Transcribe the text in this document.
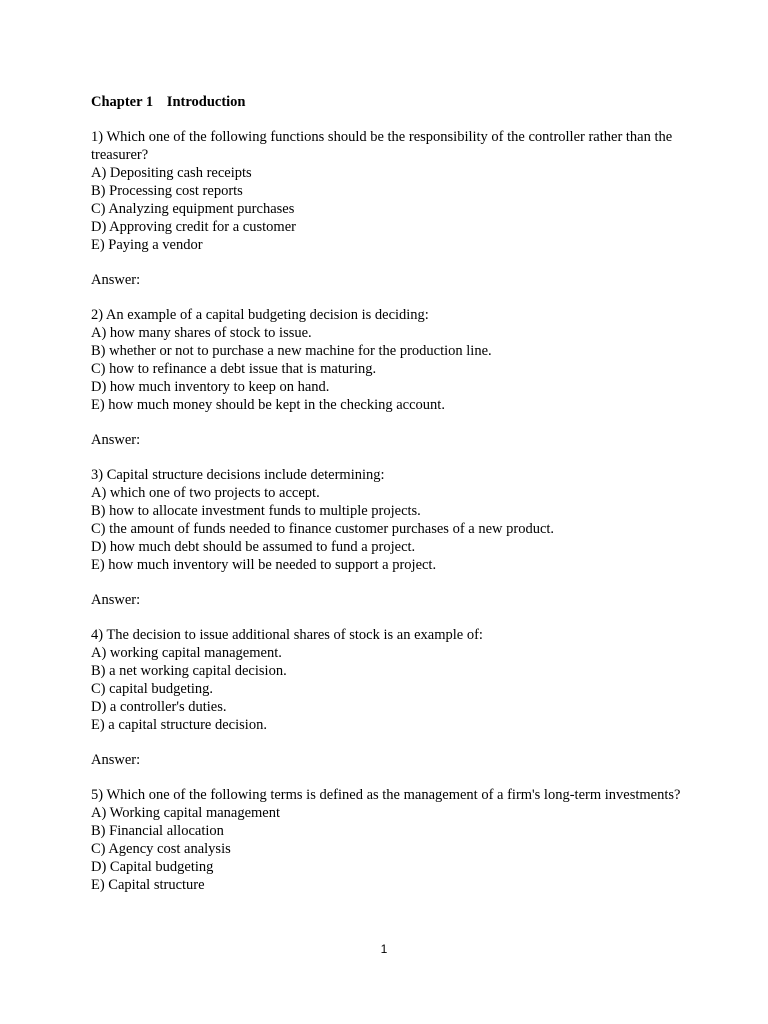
Chapter 1 Introduction

1) Which one of the following functions should be the responsibility of the controller rather than the treasurer?

A) Depositing cash receipts

B) Processing cost reports

C) Analyzing equipment purchases

D) Approving credit for a customer

E) Paying a vendor

Answer:

2) An example of a capital budgeting decision is deciding:

A) how many shares of stock to issue.

B) whether or not to purchase a new machine for the production line.

C) how to refinance a debt issue that is maturing.

D) how much inventory to keep on hand.

E) how much money should be kept in the checking account.

Answer:

3) Capital structure decisions include determining:

A) which one of two projects to accept.

B) how to allocate investment funds to multiple projects.

C) the amount of funds needed to finance customer purchases of a new product.

D) how much debt should be assumed to fund a project.

E) how much inventory will be needed to support a project.

Answer:

4) The decision to issue additional shares of stock is an example of:

A) working capital management.

B) a net working capital decision.

C) capital budgeting.

D) a controller's duties.

E) a capital structure decision.

Answer:

5) Which one of the following terms is defined as the management of a firm's long-term investments?

A) Working capital management

B) Financial allocation

C) Agency cost analysis

D) Capital budgeting

E) Capital structure

1
